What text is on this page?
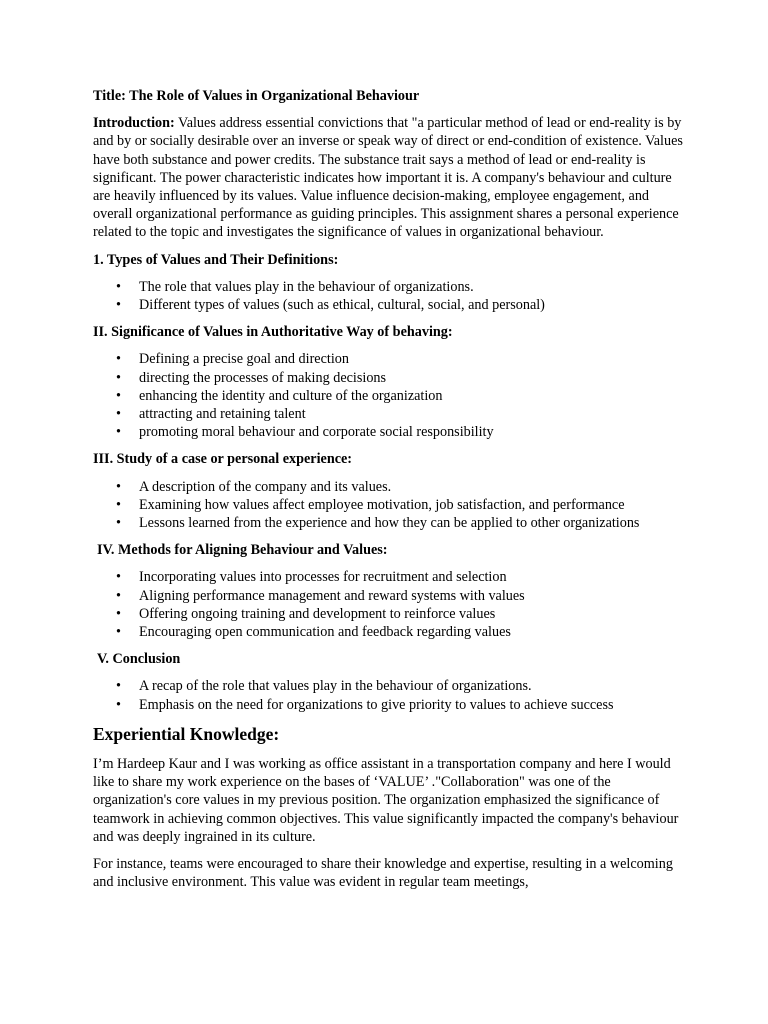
Title: The Role of Values in Organizational Behaviour

Introduction: Values address essential convictions that "a particular method of lead or end-reality is by and by or socially desirable over an inverse or speak way of direct or end-condition of existence. Values have both substance and power credits. The substance trait says a method of lead or end-reality is significant. The power characteristic indicates how important it is. A company's behaviour and culture are heavily influenced by its values. Value influence decision-making, employee engagement, and overall organizational performance as guiding principles. This assignment shares a personal experience related to the topic and investigates the significance of values in organizational behaviour.

1. Types of Values and Their Definitions:
• The role that values play in the behaviour of organizations.
• Different types of values (such as ethical, cultural, social, and personal)
II. Significance of Values in Authoritative Way of behaving:
• Defining a precise goal and direction
• directing the processes of making decisions
• enhancing the identity and culture of the organization
• attracting and retaining talent
• promoting moral behaviour and corporate social responsibility
III. Study of a case or personal experience:
• A description of the company and its values.
• Examining how values affect employee motivation, job satisfaction, and performance
• Lessons learned from the experience and how they can be applied to other organizations
IV. Methods for Aligning Behaviour and Values:
• Incorporating values into processes for recruitment and selection
• Aligning performance management and reward systems with values
• Offering ongoing training and development to reinforce values
• Encouraging open communication and feedback regarding values
V. Conclusion
• A recap of the role that values play in the behaviour of organizations.
• Emphasis on the need for organizations to give priority to values to achieve success
Experiential Knowledge:

I’m Hardeep Kaur and I was working as office assistant in a transportation company and here I would like to share my work experience on the bases of ‘VALUE’ ."Collaboration" was one of the organization's core values in my previous position. The organization emphasized the significance of teamwork in achieving common objectives. This value significantly impacted the company's behaviour and was deeply ingrained in its culture.

For instance, teams were encouraged to share their knowledge and expertise, resulting in a welcoming and inclusive environment. This value was evident in regular team meetings,
